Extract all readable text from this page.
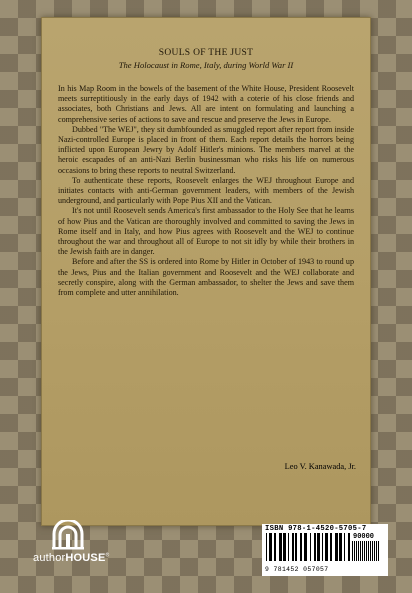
SOULS OF THE JUST

The Holocaust in Rome, Italy, during World War II

In his Map Room in the bowels of the basement of the White House, President Roosevelt meets surreptitiously in the early days of 1942 with a coterie of his close friends and associates, both Christians and Jews. All are intent on formulating and launching a comprehensive series of actions to save and rescue and preserve the Jews in Europe.

Dubbed "The WEJ", they sit dumbfounded as smuggled report after report from inside Nazi-controlled Europe is placed in front of them. Each report details the horrors being inflicted upon European Jewry by Adolf Hitler's minions. The members marvel at the heroic escapades of an anti-Nazi Berlin businessman who risks his life on numerous occasions to bring these reports to neutral Switzerland.

To authenticate these reports, Roosevelt enlarges the WEJ throughout Europe and initiates contacts with anti-German government leaders, with members of the Jewish underground, and particularly with Pope Pius XII and the Vatican.

It's not until Roosevelt sends America's first ambassador to the Holy See that he learns of how Pius and the Vatican are thoroughly involved and committed to saving the Jews in Rome itself and in Italy, and how Pius agrees with Roosevelt and the WEJ to continue throughout the war and throughout all of Europe to not sit idly by while their brothers in the Jewish faith are in danger.

Before and after the SS is ordered into Rome by Hitler in October of 1943 to round up the Jews, Pius and the Italian government and Roosevelt and the WEJ collaborate and secretly conspire, along with the German ambassador, to shelter the Jews and save them from complete and utter annihilation.

Leo V. Kanawada, Jr.
authorHOUSE®
ISBN 978-1-4520-5705-7
90000
9 781452 057057
